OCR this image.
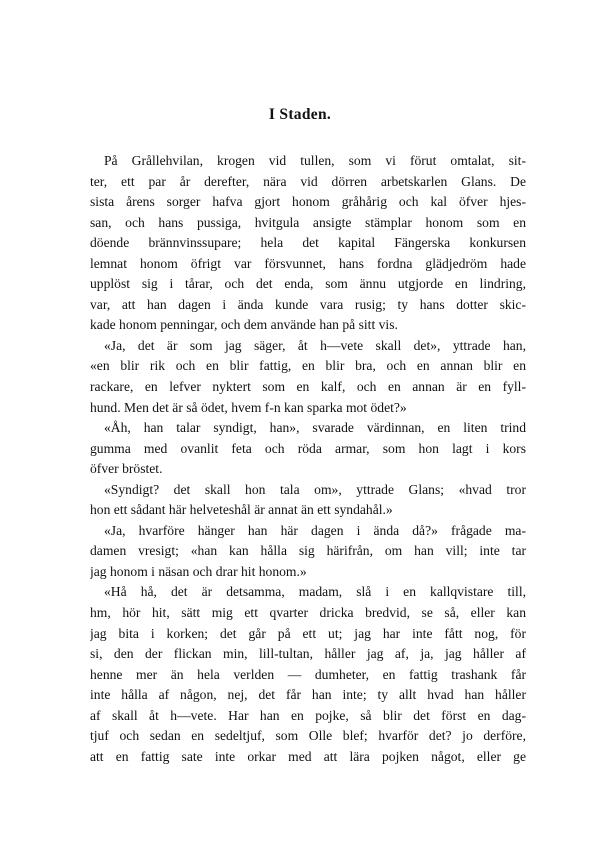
I Staden.
På Grållehvilan, krogen vid tullen, som vi förut omtalat, sit-
ter, ett par år derefter, nära vid dörren arbetskarlen Glans. De
sista årens sorger hafva gjort honom gråhårig och kal öfver hjes-
san, och hans pussiga, hvitgula ansigte stämplar honom som en
döende brännvinssupare; hela det kapital Fängerska konkursen
lemnat honom öfrigt var försvunnet, hans fordna glädjedröm hade
upplöst sig i tårar, och det enda, som ännu utgjorde en lindring,
var, att han dagen i ända kunde vara rusig; ty hans dotter skic-
kade honom penningar, och dem använde han på sitt vis.
«Ja, det är som jag säger, åt h—vete skall det», yttrade han,
«en blir rik och en blir fattig, en blir bra, och en annan blir en
rackare, en lefver nyktert som en kalf, och en annan är en fyll-
hund. Men det är så ödet, hvem f-n kan sparka mot ödet?»
«Åh, han talar syndigt, han», svarade värdinnan, en liten trind
gumma med ovanlit feta och röda armar, som hon lagt i kors
öfver bröstet.
«Syndigt? det skall hon tala om», yttrade Glans; «hvad tror
hon ett sådant här helveteshål är annat än ett syndahål.»
«Ja, hvarföre hänger han här dagen i ända då?» frågade ma-
damen vresigt; «han kan hålla sig härifrån, om han vill; inte tar
jag honom i näsan och drar hit honom.»
«Hå hå, det är detsamma, madam, slå i en kallqvistare till,
hm, hör hit, sätt mig ett qvarter dricka bredvid, se så, eller kan
jag bita i korken; det går på ett ut; jag har inte fått nog, för
si, den der flickan min, lill-tultan, håller jag af, ja, jag håller af
henne mer än hela verlden — dumheter, en fattig trashank får
inte hålla af någon, nej, det får han inte; ty allt hvad han håller
af skall åt h—vete. Har han en pojke, så blir det först en dag-
tjuf och sedan en sedeltjuf, som Olle blef; hvarför det? jo derföre,
att en fattig sate inte orkar med att lära pojken något, eller ge
